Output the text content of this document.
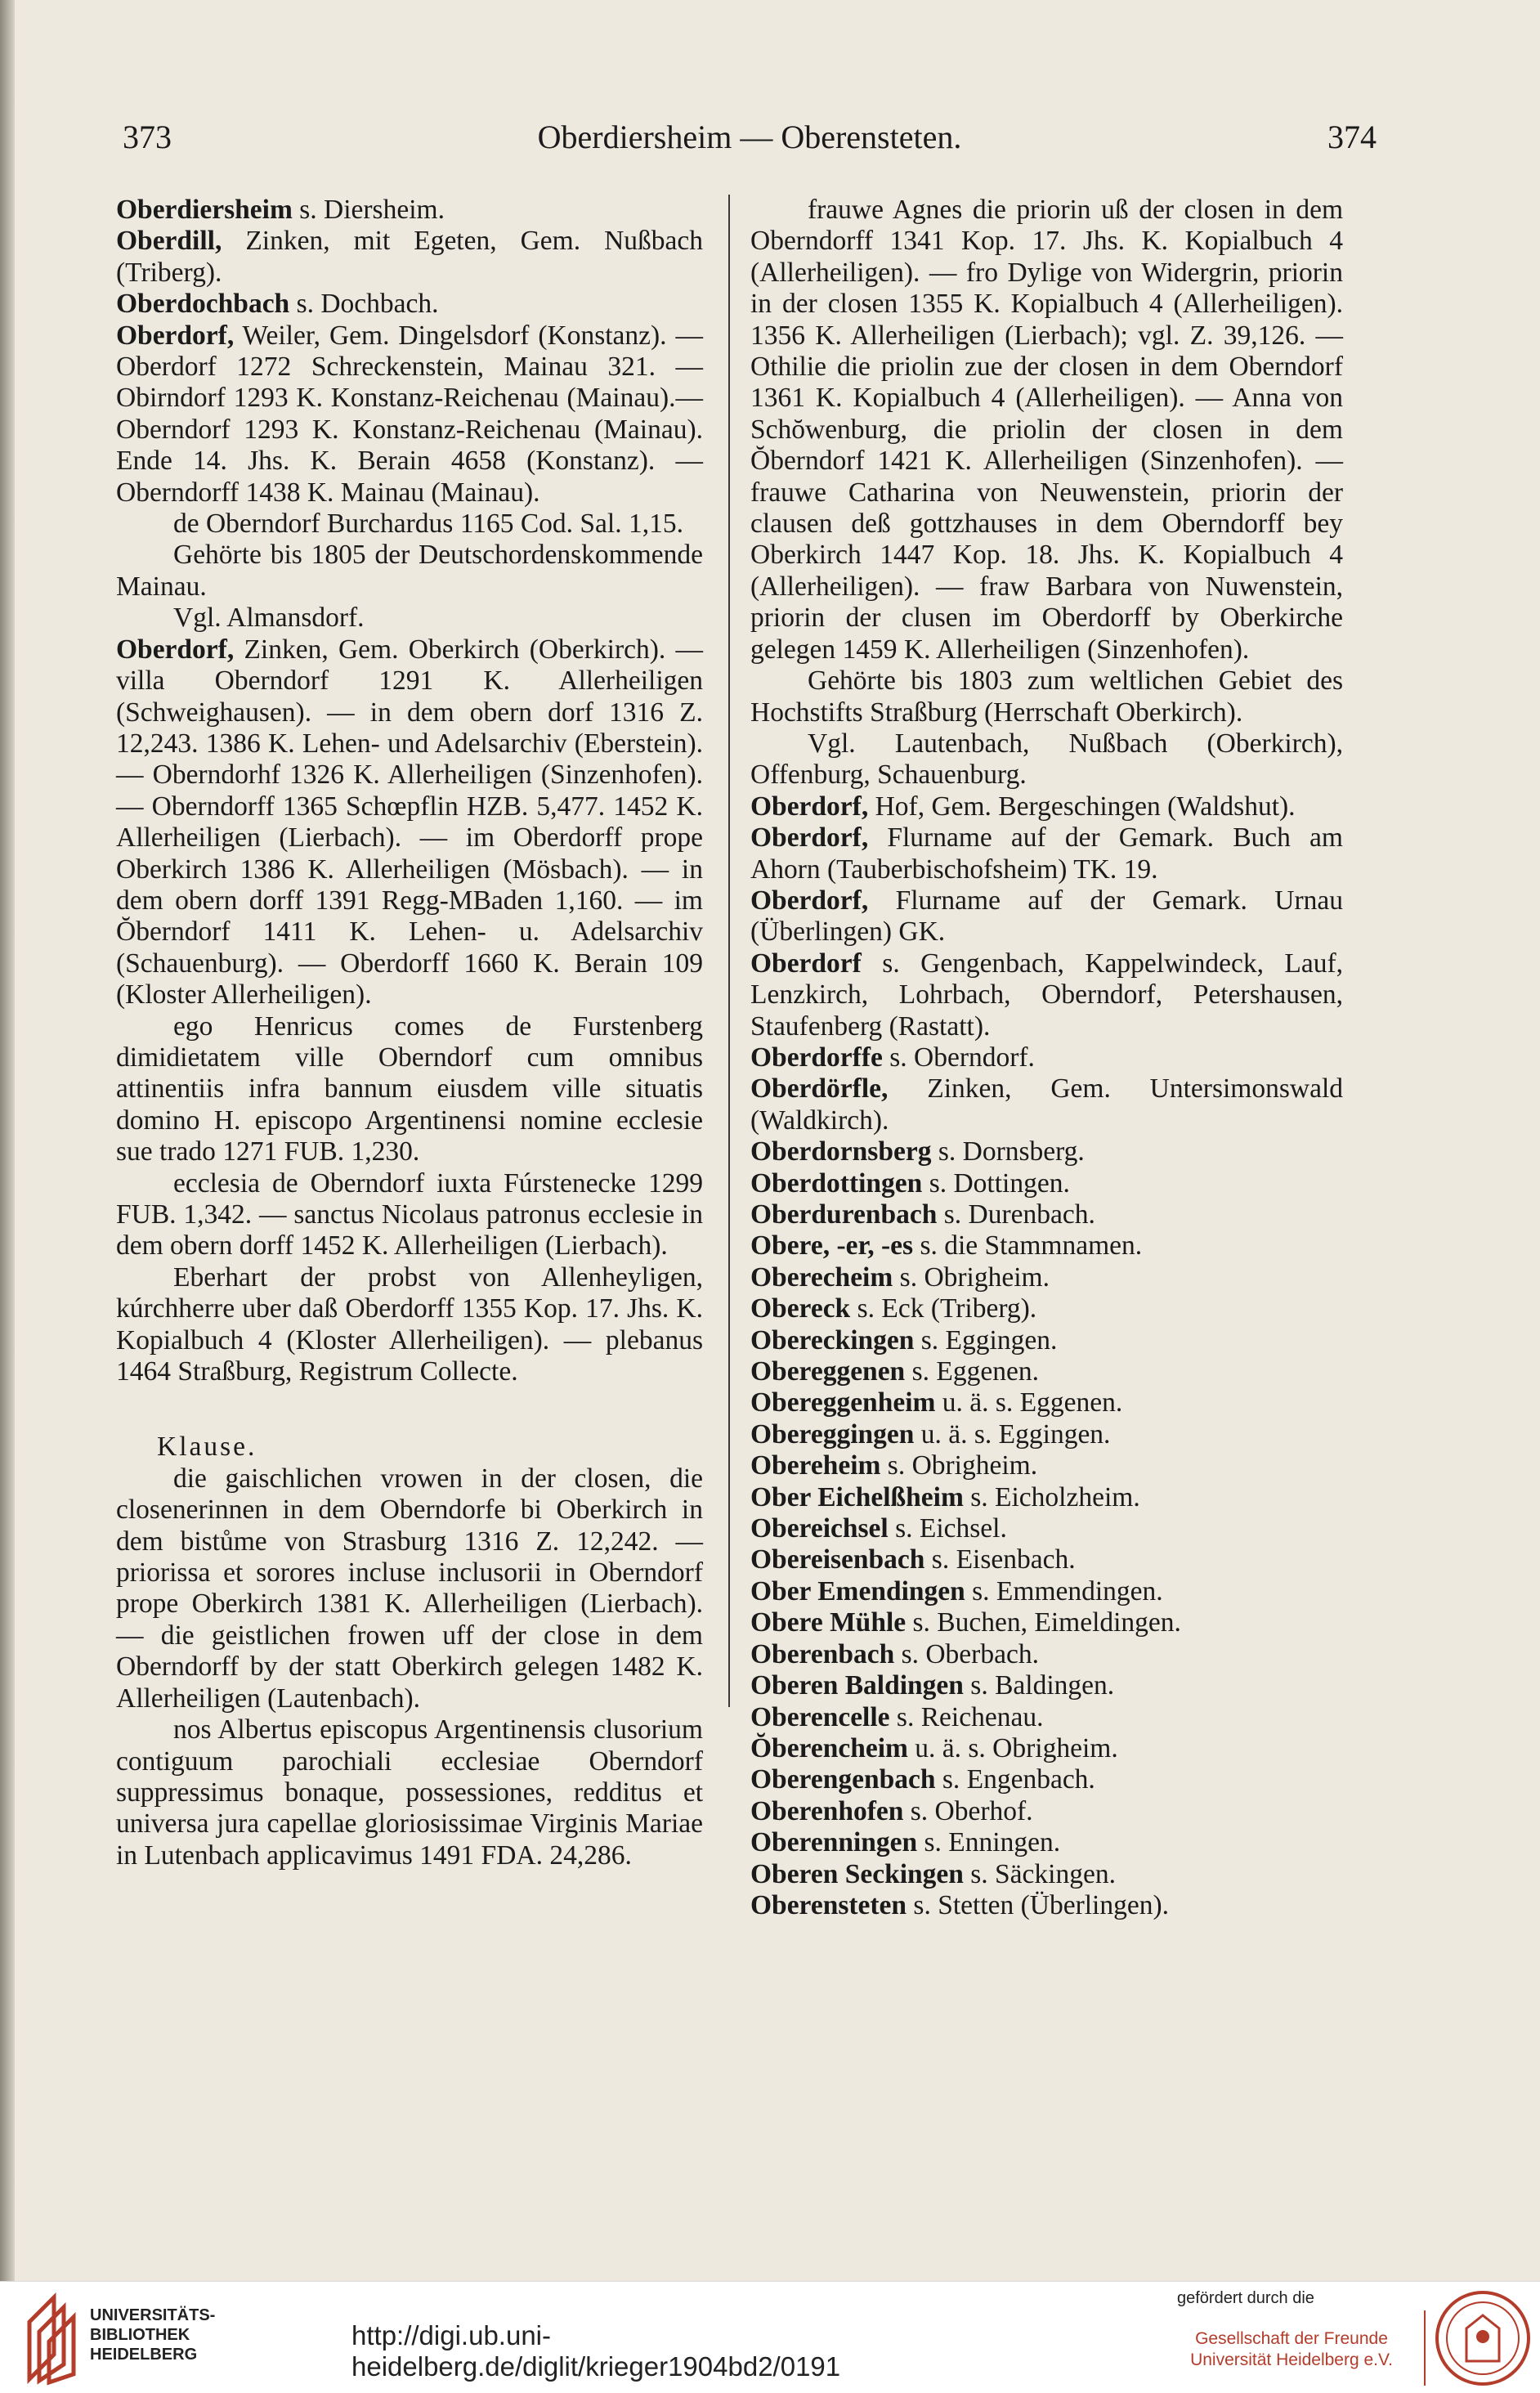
373	Oberdiersheim — Oberensteten.	374

Oberdiersheim s. Diersheim.

Oberdill, Zinken, mit Egeten, Gem. Nußbach (Triberg).

Oberdochbach s. Dochbach.

Oberdorf, Weiler, Gem. Dingelsdorf (Konstanz). — Oberdorf 1272 Schreckenstein, Mainau 321. — Obirndorf 1293 K. Konstanz-Reichenau (Mainau).— Oberndorf 1293 K. Konstanz-Reichenau (Mainau). Ende 14. Jhs. K. Berain 4658 (Konstanz). — Oberndorff 1438 K. Mainau (Mainau).

de Oberndorf Burchardus 1165 Cod. Sal. 1,15.

Gehörte bis 1805 der Deutschordenskommende Mainau.

Vgl. Almansdorf.

Oberdorf, Zinken, Gem. Oberkirch (Oberkirch). — villa Oberndorf 1291 K. Allerheiligen (Schweighausen). — in dem obern dorf 1316 Z. 12,243. 1386 K. Lehen- und Adelsarchiv (Eberstein). — Oberndorhf 1326 K. Allerheiligen (Sinzenhofen). — Oberndorff 1365 Schœpflin HZB. 5,477. 1452 K. Allerheiligen (Lierbach). — im Oberdorff prope Oberkirch 1386 K. Allerheiligen (Mösbach). — in dem obern dorff 1391 Regg-MBaden 1,160. — im Ŏberndorf 1411 K. Lehen- u. Adelsarchiv (Schauenburg). — Oberdorff 1660 K. Berain 109 (Kloster Allerheiligen).

ego Henricus comes de Furstenberg dimidietatem ville Oberndorf cum omnibus attinentiis infra bannum eiusdem ville situatis domino H. episcopo Argentinensi nomine ecclesie sue trado 1271 FUB. 1,230.

ecclesia de Oberndorf iuxta Fúrstenecke 1299 FUB. 1,342. — sanctus Nicolaus patronus ecclesie in dem obern dorff 1452 K. Allerheiligen (Lierbach).

Eberhart der probst von Allenheyligen, kúrchherre uber daß Oberdorff 1355 Kop. 17. Jhs. K. Kopialbuch 4 (Kloster Allerheiligen). — plebanus 1464 Straßburg, Registrum Collecte.

Klause.

die gaischlichen vrowen in der closen, die closenerinnen in dem Oberndorfe bi Oberkirch in dem bistůme von Strasburg 1316 Z. 12,242. — priorissa et sorores incluse inclusorii in Oberndorf prope Oberkirch 1381 K. Allerheiligen (Lierbach). — die geistlichen frowen uff der close in dem Oberndorff by der statt Oberkirch gelegen 1482 K. Allerheiligen (Lautenbach).

nos Albertus episcopus Argentinensis clusorium contiguum parochiali ecclesiae Oberndorf suppressimus bonaque, possessiones, redditus et universa jura capellae gloriosissimae Virginis Mariae in Lutenbach applicavimus 1491 FDA. 24,286.

frauwe Agnes die priorin uß der closen in dem Oberndorff 1341 Kop. 17. Jhs. K. Kopialbuch 4 (Allerheiligen). — fro Dylige von Widergrin, priorin in der closen 1355 K. Kopialbuch 4 (Allerheiligen). 1356 K. Allerheiligen (Lierbach); vgl. Z. 39,126. — Othilie die priolin zue der closen in dem Oberndorf 1361 K. Kopialbuch 4 (Allerheiligen). — Anna von Schŏwenburg, die priolin der closen in dem Ŏberndorf 1421 K. Allerheiligen (Sinzenhofen). — frauwe Catharina von Neuwenstein, priorin der clausen deß gottzhauses in dem Oberndorff bey Oberkirch 1447 Kop. 18. Jhs. K. Kopialbuch 4 (Allerheiligen). — fraw Barbara von Nuwenstein, priorin der clusen im Oberdorff by Oberkirche gelegen 1459 K. Allerheiligen (Sinzenhofen).

Gehörte bis 1803 zum weltlichen Gebiet des Hochstifts Straßburg (Herrschaft Oberkirch).

Vgl. Lautenbach, Nußbach (Oberkirch), Offenburg, Schauenburg.

Oberdorf, Hof, Gem. Bergeschingen (Waldshut).

Oberdorf, Flurname auf der Gemark. Buch am Ahorn (Tauberbischofsheim) TK. 19.

Oberdorf, Flurname auf der Gemark. Urnau (Überlingen) GK.

Oberdorf s. Gengenbach, Kappelwindeck, Lauf, Lenzkirch, Lohrbach, Oberndorf, Petershausen, Staufenberg (Rastatt).

Oberdorffe s. Oberndorf.

Oberdörfle, Zinken, Gem. Untersimonswald (Waldkirch).

Oberdornsberg s. Dornsberg.

Oberdottingen s. Dottingen.

Oberdurenbach s. Durenbach.

Obere, -er, -es s. die Stammnamen.

Oberecheim s. Obrigheim.

Obereck s. Eck (Triberg).

Obereckingen s. Eggingen.

Obereggenen s. Eggenen.

Obereggenheim u. ä. s. Eggenen.

Obereggingen u. ä. s. Eggingen.

Obereheim s. Obrigheim.

Ober Eichelßheim s. Eicholzheim.

Obereichsel s. Eichsel.

Obereisenbach s. Eisenbach.

Ober Emendingen s. Emmendingen.

Obere Mühle s. Buchen, Eimeldingen.

Oberenbach s. Oberbach.

Oberen Baldingen s. Baldingen.

Oberencelle s. Reichenau.

Ŏberencheim u. ä. s. Obrigheim.

Oberengenbach s. Engenbach.

Oberenhofen s. Oberhof.

Oberenningen s. Enningen.

Oberen Seckingen s. Säckingen.

Oberensteten s. Stetten (Überlingen).

UNIVERSITÄTS-
BIBLIOTHEK
HEIDELBERG
http://digi.ub.uni-heidelberg.de/diglit/krieger1904bd2/0191
gefördert durch die
Gesellschaft der Freunde
Universität Heidelberg e.V.
